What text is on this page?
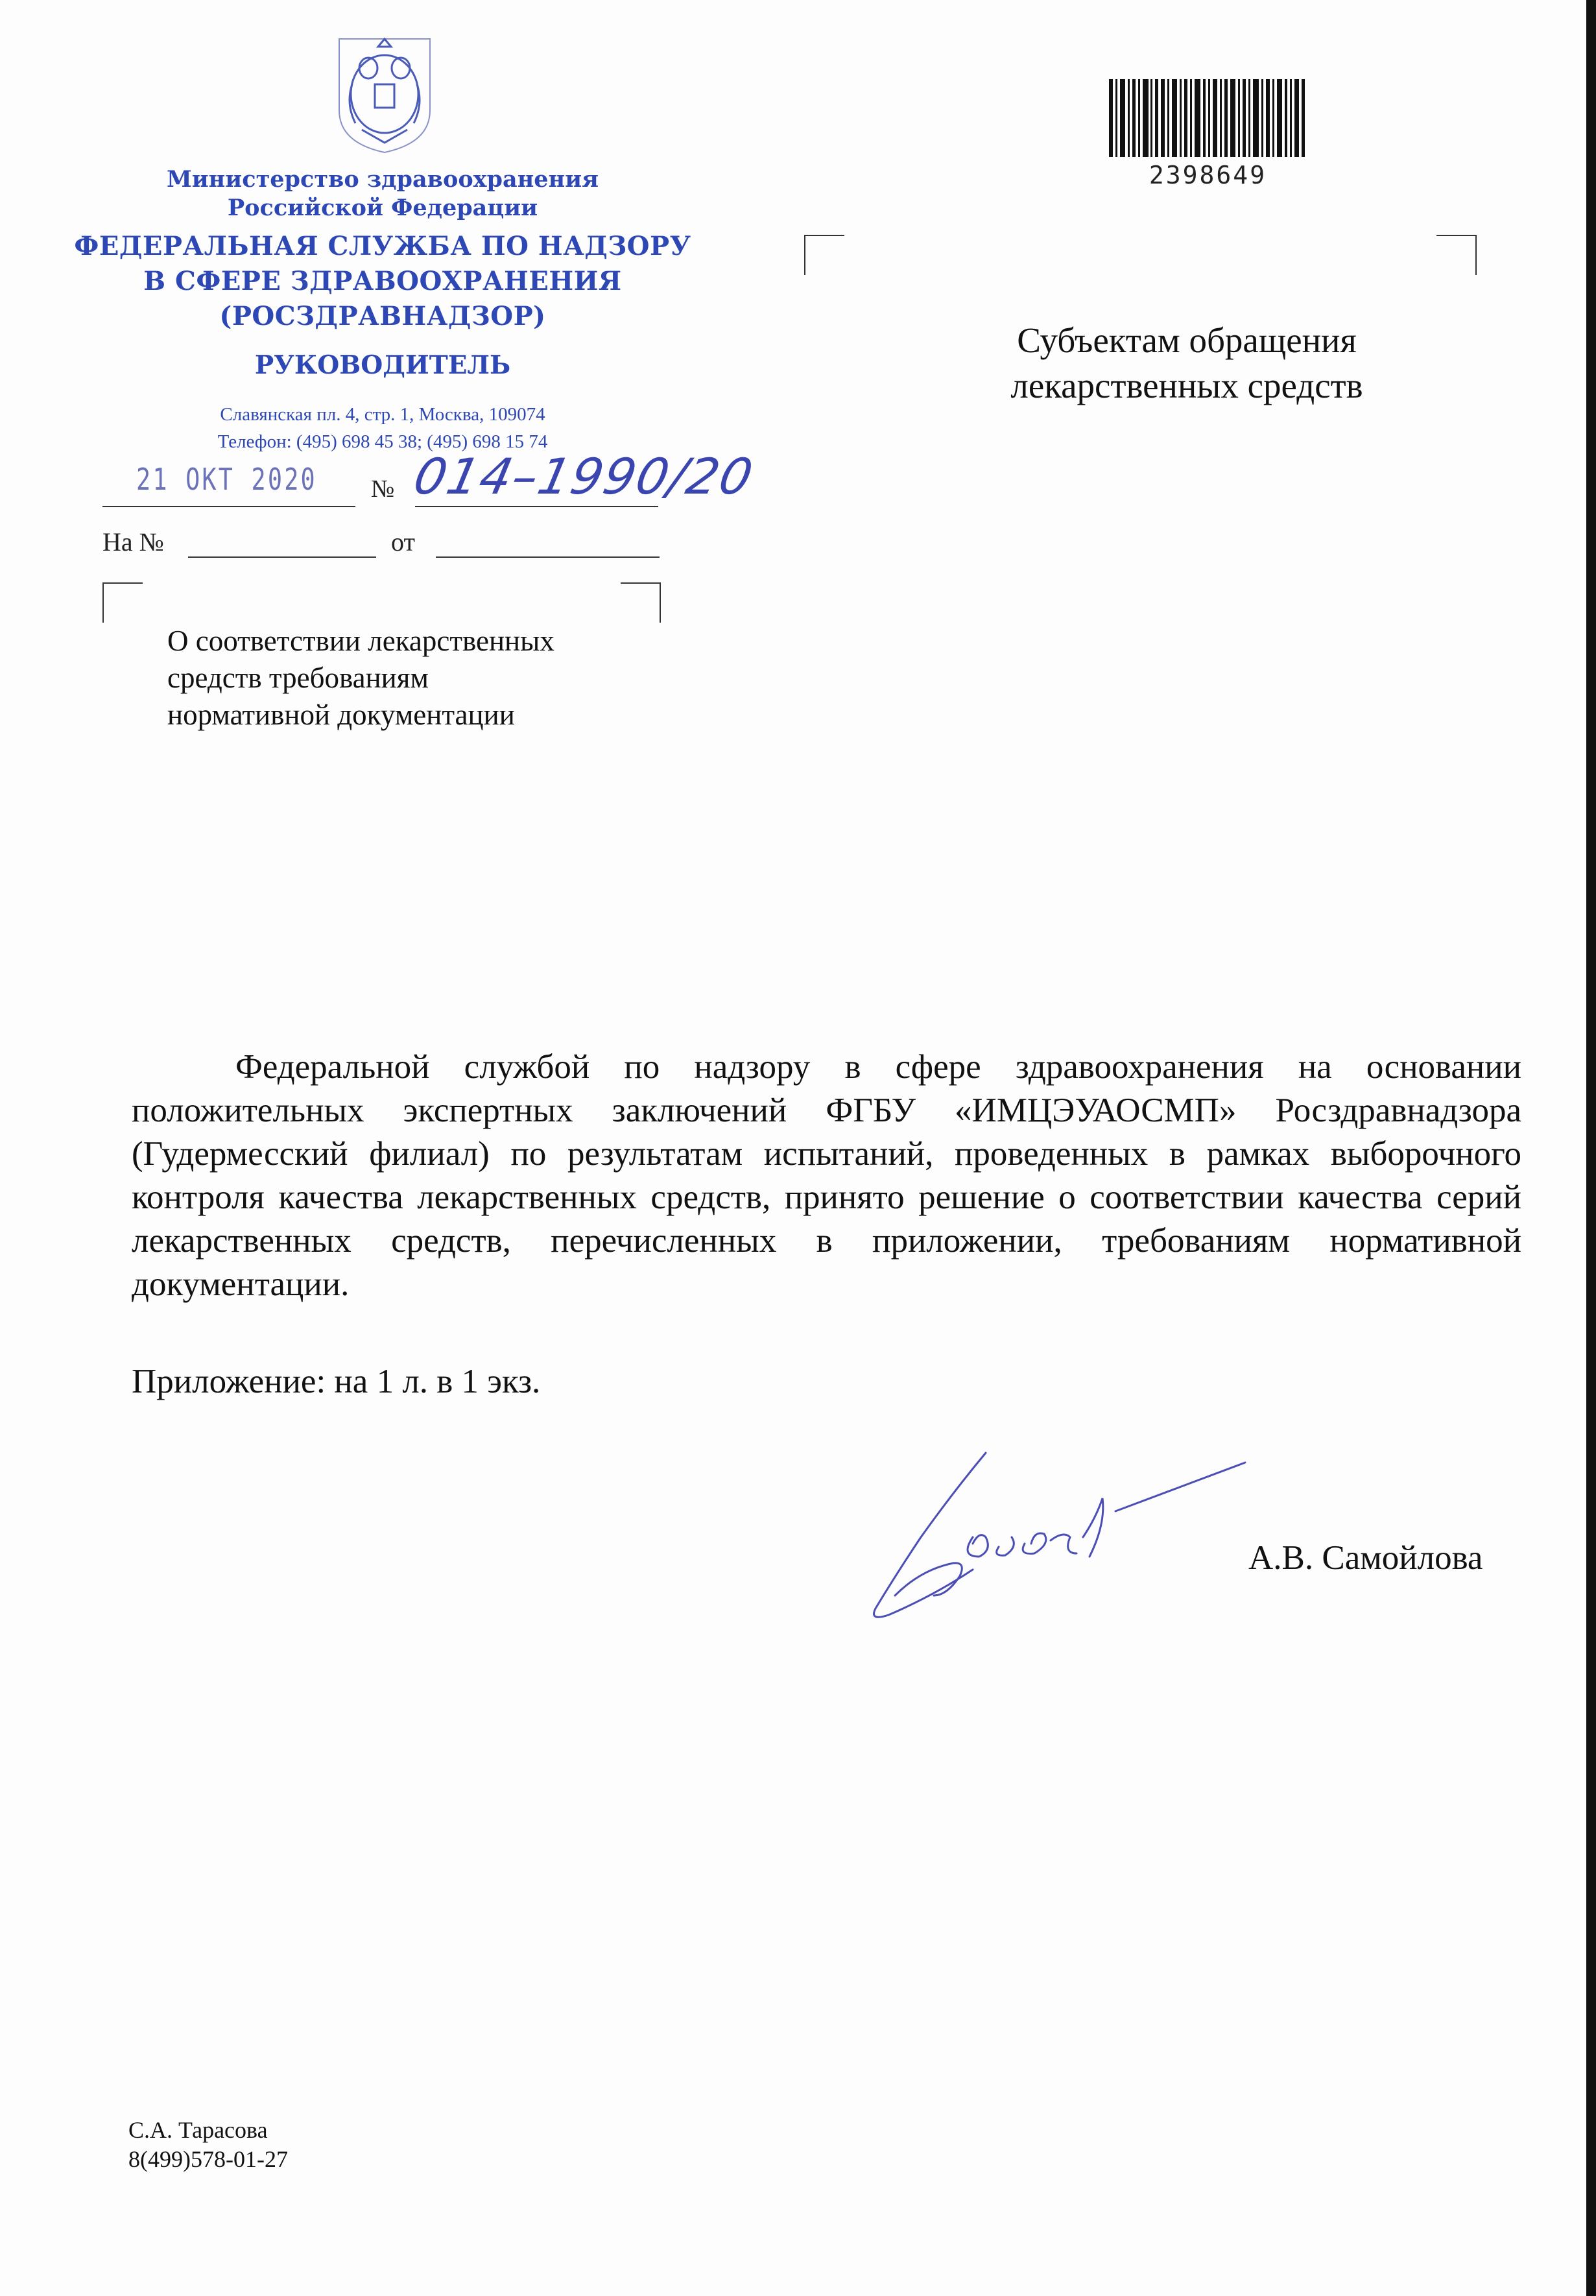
Министерство здравоохранения
Российской Федерации
ФЕДЕРАЛЬНАЯ СЛУЖБА ПО НАДЗОРУ
В СФЕРЕ ЗДРАВООХРАНЕНИЯ
(РОСЗДРАВНАДЗОР)
РУКОВОДИТЕЛЬ
Славянская пл. 4, стр. 1, Москва, 109074
Телефон: (495) 698 45 38; (495) 698 15 74
21 ОКТ 2020 № 014–1990/20
На №	от
2398649
Субъектам обращения
лекарственных средств
О соответствии лекарственных
средств требованиям
нормативной документации
Федеральной службой по надзору в сфере здравоохранения на основании положительных экспертных заключений ФГБУ «ИМЦЭУАОСМП» Росздравнадзора (Гудермесский филиал) по результатам испытаний, проведенных в рамках выборочного контроля качества лекарственных средств, принято решение о соответствии качества серий лекарственных средств, перечисленных в приложении, требованиям нормативной документации.
Приложение: на 1 л. в 1 экз.
А.В. Самойлова
С.А. Тарасова
8(499)578-01-27
